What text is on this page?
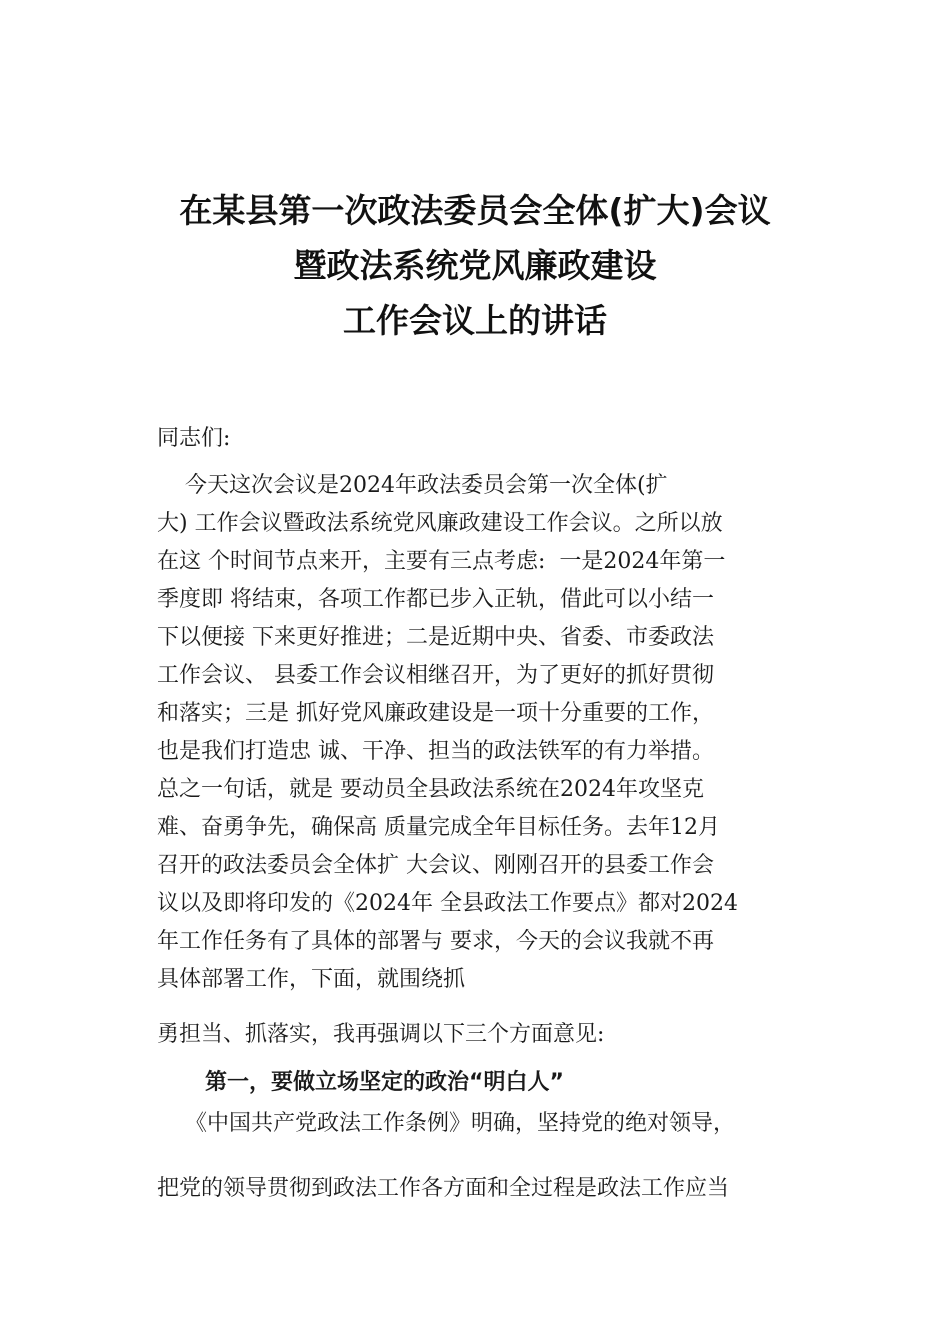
在某县第一次政法委员会全体(扩大)会议
暨政法系统党风廉政建设
工作会议上的讲话

同志们:

今天这次会议是2024年政法委员会第一次全体(扩

大) 工作会议暨政法系统党风廉政建设工作会议。之所以放

在这 个时间节点来开，主要有三点考虑:  一是2024年第一

季度即 将结束，各项工作都已步入正轨，借此可以小结一

下以便接 下来更好推进；二是近期中央、省委、市委政法

工作会议、 县委工作会议相继召开，为了更好的抓好贯彻

和落实；三是 抓好党风廉政建设是一项十分重要的工作，

也是我们打造忠 诚、干净、担当的政法铁军的有力举措。

总之一句话，就是 要动员全县政法系统在2024年攻坚克

难、奋勇争先，确保高 质量完成全年目标任务。去年12月

召开的政法委员会全体扩 大会议、刚刚召开的县委工作会

议以及即将印发的《2024年 全县政法工作要点》都对2024

年工作任务有了具体的部署与 要求，今天的会议我就不再

具体部署工作，下面，就围绕抓

勇担当、抓落实，我再强调以下三个方面意见:

第一，要做立场坚定的政治“明白人”

《中国共产党政法工作条例》明确，坚持党的绝对领导，

把党的领导贯彻到政法工作各方面和全过程是政法工作应当
